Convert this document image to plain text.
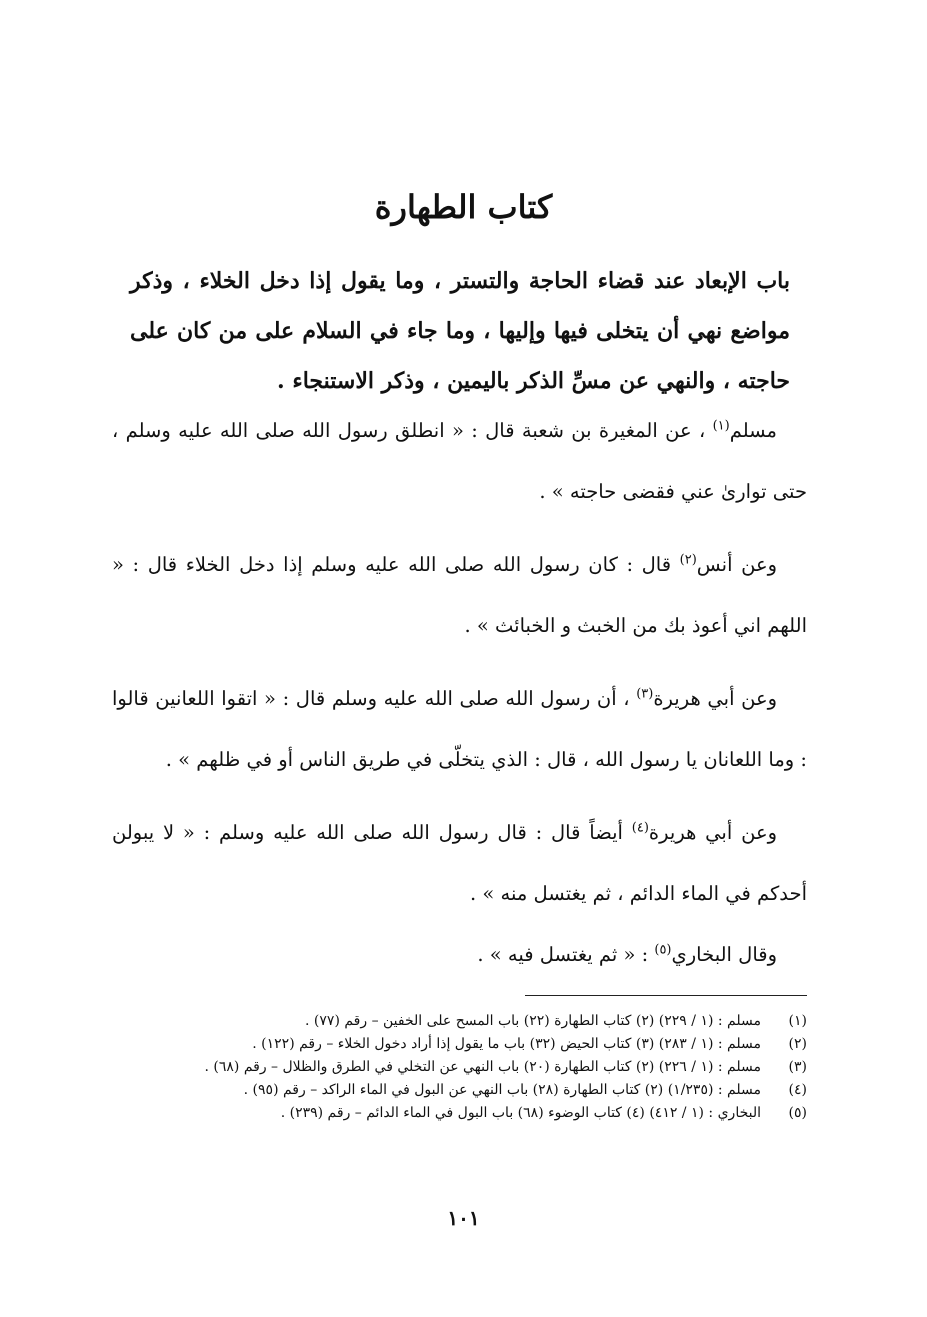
كتاب الطهارة
باب الإبعاد عند قضاء الحاجة والتستر ، وما يقول إذا دخل الخلاء ، وذكر مواضع نهي أن يتخلى فيها وإليها ، وما جاء في السلام على من كان على حاجته ، والنهي عن مسِّ الذكر باليمين ، وذكر الاستنجاء .

مسلم$^{(١)}$ ، عن المغيرة بن شعبة قال : « انطلق رسول الله صلى الله عليه وسلم ، حتى توارىٰ عني فقضى حاجته » .

وعن أنس$^{(٢)}$ قال : كان رسول الله صلى الله عليه وسلم إذا دخل الخلاء قال : « اللهم اني أعوذ بك من الخبث و الخبائث » .

وعن أبي هريرة$^{(٣)}$ ، أن رسول الله صلى الله عليه وسلم قال : « اتقوا اللعانين قالوا : وما اللعانان يا رسول الله ، قال : الذي يتخلّى في طريق الناس أو في ظلهم » .

وعن أبي هريرة$^{(٤)}$ أيضاً قال : قال رسول الله صلى الله عليه وسلم : « لا يبولن أحدكم في الماء الدائم ، ثم يغتسل منه » .

وقال البخاري$^{(٥)}$ : « ثم يغتسل فيه » .

(١)
مسلم : (١ / ٢٢٩) (٢) كتاب الطهارة (٢٢) باب المسح على الخفين – رقم (٧٧) .
(٢)
مسلم : (١ / ٢٨٣) (٣) كتاب الحيض (٣٢) باب ما يقول إذا أراد دخول الخلاء – رقم (١٢٢) .
(٣)
مسلم : (١ / ٢٢٦) (٢) كتاب الطهارة (٢٠) باب النهي عن التخلي في الطرق والظلال – رقم (٦٨) .
(٤)
مسلم : (١/٢٣٥) (٢) كتاب الطهارة (٢٨) باب النهي عن البول في الماء الراكد – رقم (٩٥) .
(٥)
البخاري : (١ / ٤١٢) (٤) كتاب الوضوء (٦٨) باب البول في الماء الدائم – رقم (٢٣٩) .
١٠١
